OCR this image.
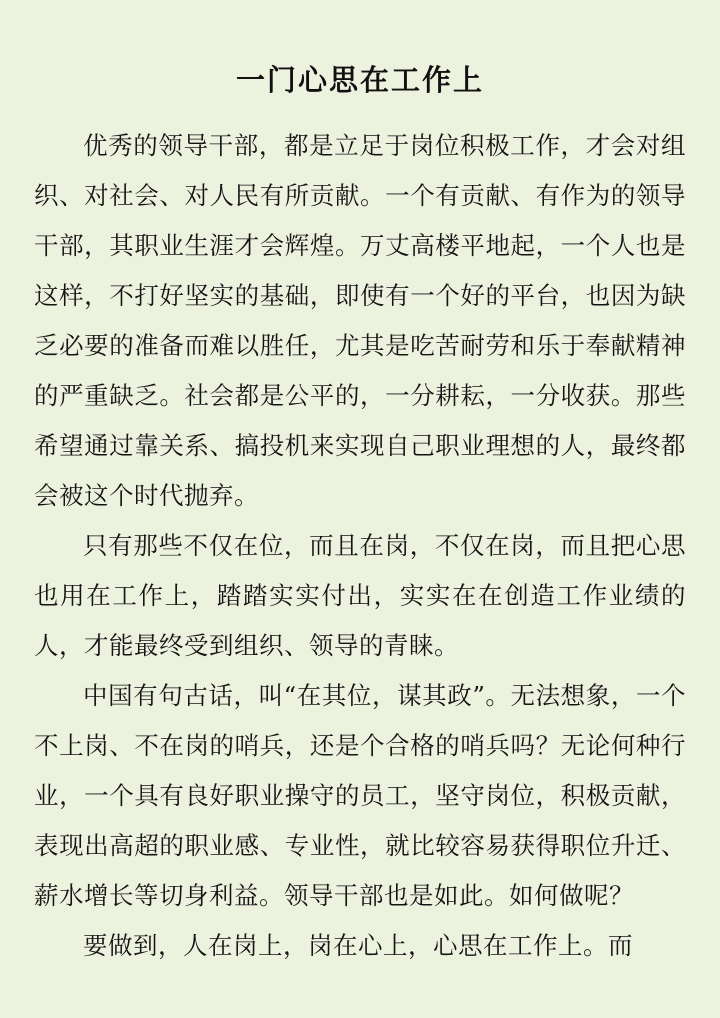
一门心思在工作上

优秀的领导干部，都是立足于岗位积极工作，才会对组织、对社会、对人民有所贡献。一个有贡献、有作为的领导干部，其职业生涯才会辉煌。万丈高楼平地起，一个人也是这样，不打好坚实的基础，即使有一个好的平台，也因为缺乏必要的准备而难以胜任，尤其是吃苦耐劳和乐于奉献精神的严重缺乏。社会都是公平的，一分耕耘，一分收获。那些希望通过靠关系、搞投机来实现自己职业理想的人，最终都会被这个时代抛弃。

只有那些不仅在位，而且在岗，不仅在岗，而且把心思也用在工作上，踏踏实实付出，实实在在创造工作业绩的人，才能最终受到组织、领导的青睐。

中国有句古话，叫“在其位，谋其政”。无法想象，一个不上岗、不在岗的哨兵，还是个合格的哨兵吗？无论何种行业，一个具有良好职业操守的员工，坚守岗位，积极贡献，表现出高超的职业感、专业性，就比较容易获得职位升迁、薪水增长等切身利益。领导干部也是如此。如何做呢？

要做到，人在岗上，岗在心上，心思在工作上。而
